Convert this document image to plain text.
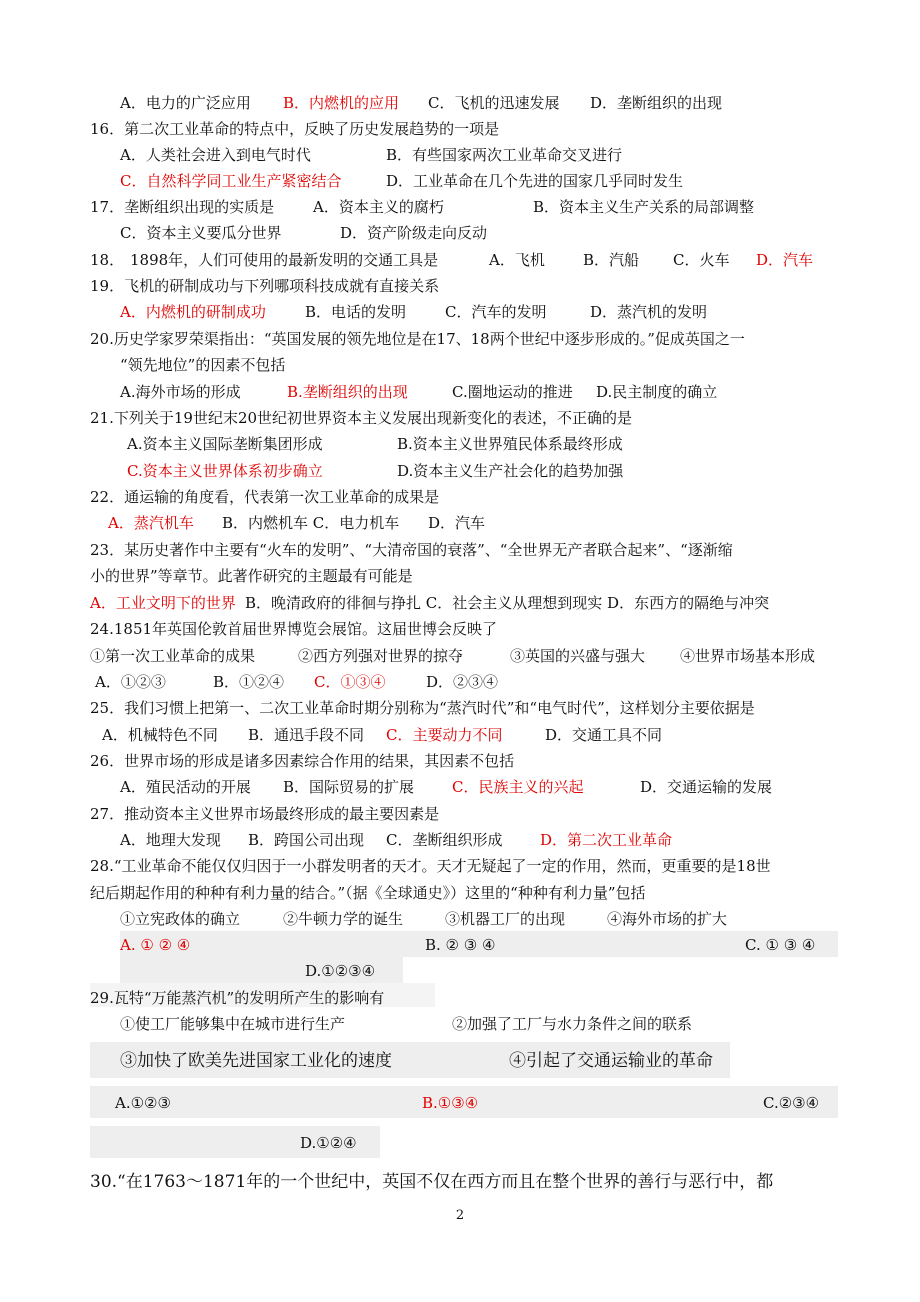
A．电力的广泛应用 B．内燃机的应用 C．飞机的迅速发展 D．垄断组织的出现
16．第二次工业革命的特点中，反映了历史发展趋势的一项是
A．人类社会进入到电气时代	B．有些国家两次工业革命交叉进行
C．自然科学同工业生产紧密结合	D．工业革命在几个先进的国家几乎同时发生
17．垄断组织出现的实质是	A．资本主义的腐朽	B．资本主义生产关系的局部调整
C．资本主义要瓜分世界	D．资产阶级走向反动
18． 1898年，人们可使用的最新发明的交通工具是	A．飞机	B．汽船 C．火车 D．汽车
19．飞机的研制成功与下列哪项科技成就有直接关系
A．内燃机的研制成功	B．电话的发明	C．汽车的发明	D．蒸汽机的发明
20.历史学家罗荣渠指出：“英国发展的领先地位是在17、18两个世纪中逐步形成的。”促成英国之一
“领先地位”的因素不包括
A.海外市场的形成	B.垄断组织的出现	C.圈地运动的推进 D.民主制度的确立
21.下列关于19世纪末20世纪初世界资本主义发展出现新变化的表述，不正确的是
A.资本主义国际垄断集团形成	B.资本主义世界殖民体系最终形成
C.资本主义世界体系初步确立	D.资本主义生产社会化的趋势加强
22．通运输的角度看，代表第一次工业革命的成果是
A．蒸汽机车 B．内燃机车 C．电力机车 D．汽车
23．某历史著作中主要有“火车的发明”、“大清帝国的衰落”、“全世界无产者联合起来”、“逐渐缩
小的世界”等章节。此著作研究的主题最有可能是
A．工业文明下的世界 B．晚清政府的徘徊与挣扎 C．社会主义从理想到现实 D．东西方的隔绝与冲突
24.1851年英国伦敦首届世界博览会展馆。这届世博会反映了
①第一次工业革命的成果	②西方列强对世界的掠夺	③英国的兴盛与强大 ④世界市场基本形成
A．①②③	B．①②④ C．①③④	D．②③④
25．我们习惯上把第一、二次工业革命时期分别称为“蒸汽时代”和“电气时代”，这样划分主要依据是
A．机械特色不同 B．通迅手段不同 C．主要动力不同	D．交通工具不同
26．世界市场的形成是诸多因素综合作用的结果，其因素不包括
A．殖民活动的开展 B．国际贸易的扩展	C．民族主义的兴起	D．交通运输的发展
27．推动资本主义世界市场最终形成的最主要因素是
A．地理大发现 B．跨国公司出现 C．垄断组织形成	D．第二次工业革命
28.“工业革命不能仅仅归因于一小群发明者的天才。天才无疑起了一定的作用，然而，更重要的是18世
纪后期起作用的种种有利力量的结合。”（据《全球通史》）这里的“种种有利力量”包括
①立宪政体的确立	②牛顿力学的诞生	③机器工厂的出现	④海外市场的扩大
A. ① ② ④	B. ② ③ ④	C. ① ③ ④
D.①②③④
29.瓦特“万能蒸汽机”的发明所产生的影响有
①使工厂能够集中在城市进行生产	②加强了工厂与水力条件之间的联系
③加快了欧美先进国家工业化的速度	④引起了交通运输业的革命
A.①②③	B.①③④	C.②③④
D.①②④
30.“在1763～1871年的一个世纪中，英国不仅在西方而且在整个世界的善行与恶行中，都
2
